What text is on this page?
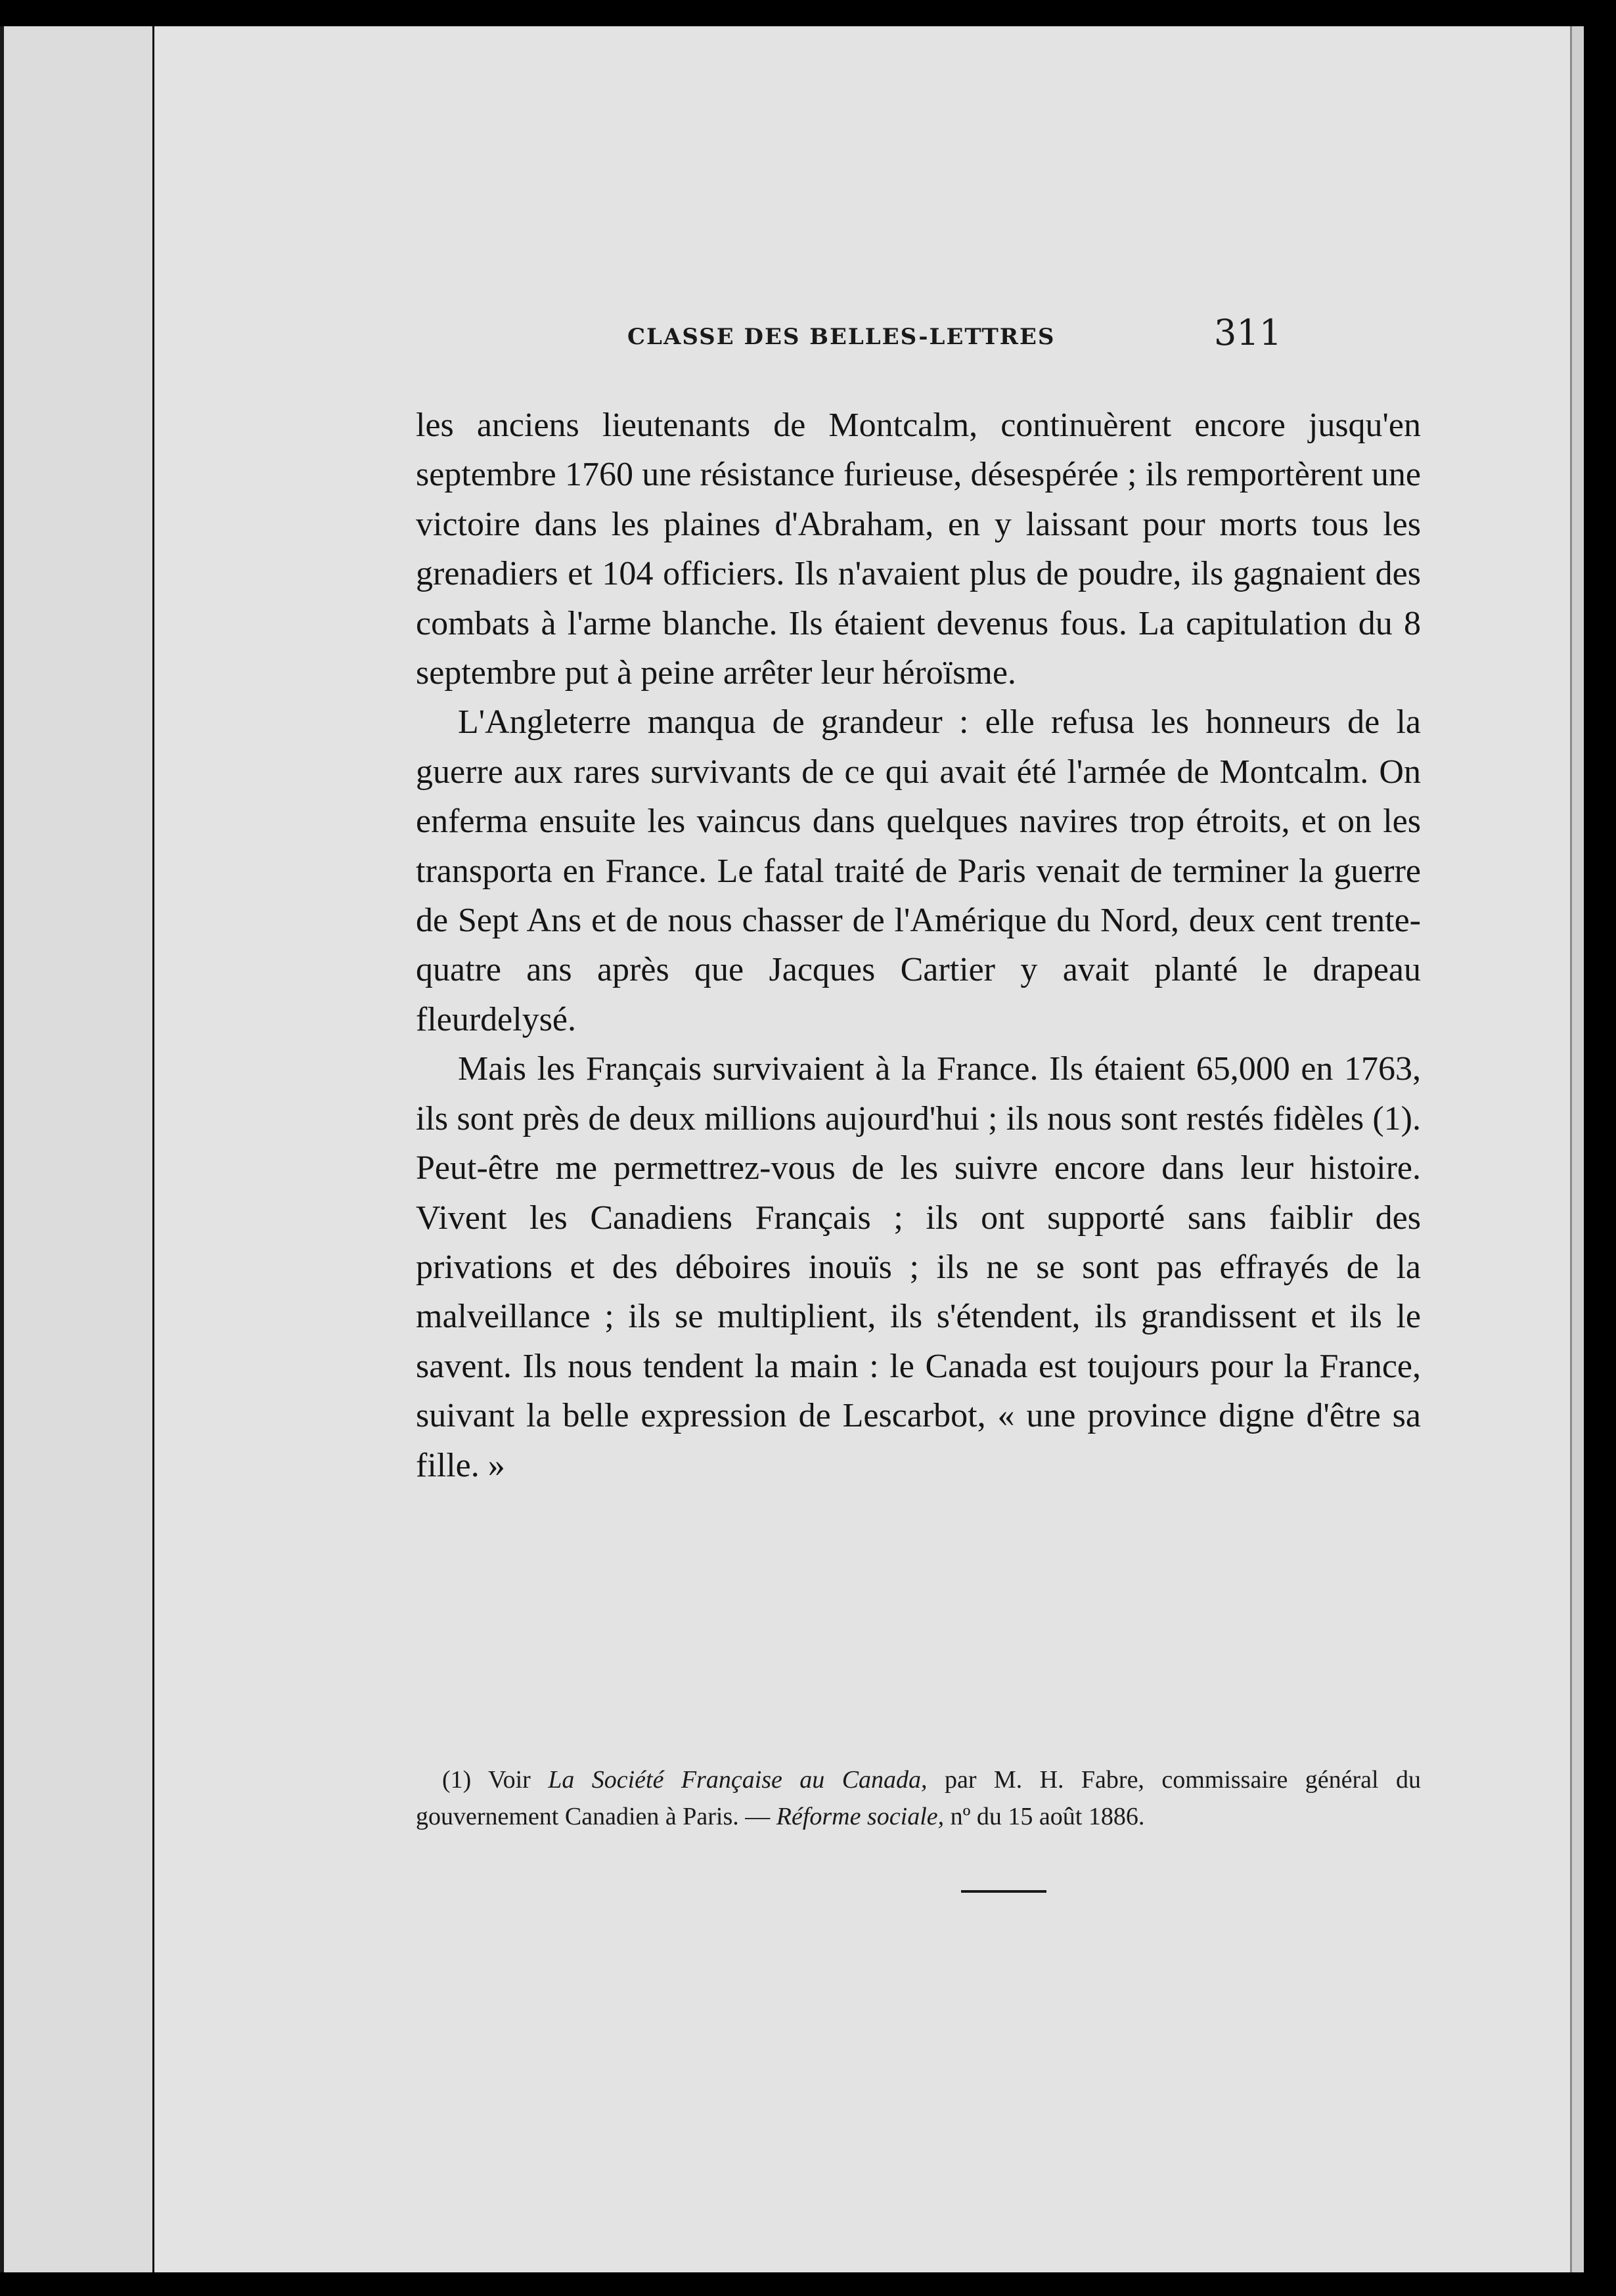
CLASSE DES BELLES-LETTRES	311

les anciens lieutenants de Montcalm, continuèrent encore jusqu'en septembre 1760 une résistance furieuse, désespérée ; ils remportèrent une victoire dans les plaines d'Abraham, en y laissant pour morts tous les grenadiers et 104 officiers. Ils n'avaient plus de poudre, ils gagnaient des combats à l'arme blanche. Ils étaient devenus fous. La capitulation du 8 septembre put à peine arrêter leur héroïsme.

L'Angleterre manqua de grandeur : elle refusa les honneurs de la guerre aux rares survivants de ce qui avait été l'armée de Montcalm. On enferma ensuite les vaincus dans quelques navires trop étroits, et on les transporta en France. Le fatal traité de Paris venait de terminer la guerre de Sept Ans et de nous chasser de l'Amérique du Nord, deux cent trente-quatre ans après que Jacques Cartier y avait planté le drapeau fleurdelysé.

Mais les Français survivaient à la France. Ils étaient 65,000 en 1763, ils sont près de deux millions aujourd'hui ; ils nous sont restés fidèles (1). Peut-être me permettrez-vous de les suivre encore dans leur histoire. Vivent les Canadiens Français ; ils ont supporté sans faiblir des privations et des déboires inouïs ; ils ne se sont pas effrayés de la malveillance ; ils se multiplient, ils s'étendent, ils grandissent et ils le savent. Ils nous tendent la main : le Canada est toujours pour la France, suivant la belle expression de Lescarbot, « une province digne d'être sa fille. »

(1) Voir La Société Française au Canada, par M. H. Fabre, commissaire général du gouvernement Canadien à Paris. — Réforme sociale, nº du 15 août 1886.
